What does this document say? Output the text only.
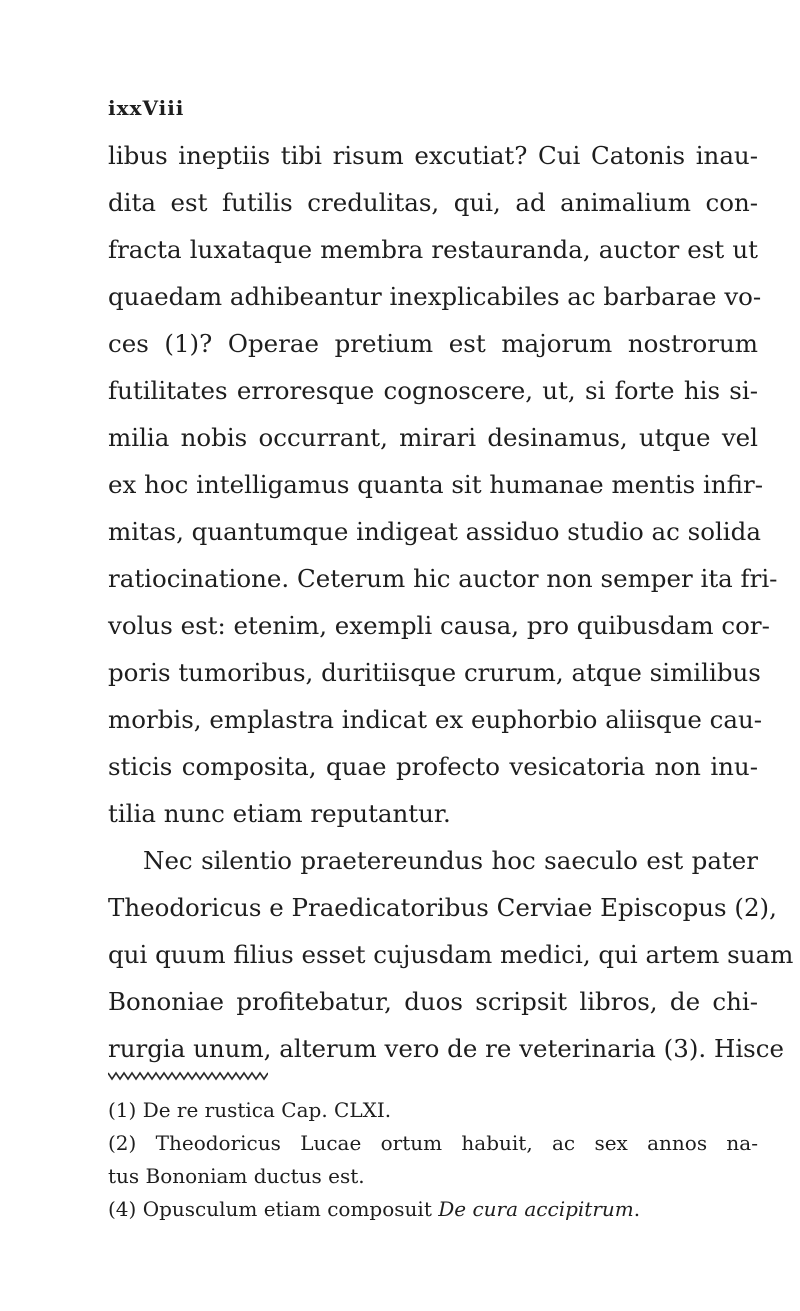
ixxViii
libus ineptiis tibi risum excutiat? Cui Catonis inau-
dita est futilis credulitas, qui, ad animalium con-
fracta luxataque membra restauranda, auctor est ut
quaedam adhibeantur inexplicabiles ac barbarae vo-
ces (1)? Operae pretium est majorum nostrorum
futilitates erroresque cognoscere, ut, si forte his si-
milia nobis occurrant, mirari desinamus, utque vel
ex hoc intelligamus quanta sit humanae mentis infir-
mitas, quantumque indigeat assiduo studio ac solida
ratiocinatione. Ceterum hic auctor non semper ita fri-
volus est: etenim, exempli causa, pro quibusdam cor-
poris tumoribus, duritiisque crurum, atque similibus
morbis, emplastra indicat ex euphorbio aliisque cau-
sticis composita, quae profecto vesicatoria non inu-
tilia nunc etiam reputantur.
Nec silentio praetereundus hoc saeculo est pater
Theodoricus e Praedicatoribus Cerviae Episcopus (2),
qui quum filius esset cujusdam medici, qui artem suam
Bononiae profitebatur, duos scripsit libros, de chi-
rurgia unum, alterum vero de re veterinaria (3). Hisce
(1) De re rustica Cap. CLXI.
(2) Theodoricus Lucae ortum habuit, ac sex annos na-
tus Bononiam ductus est.
(4) Opusculum etiam composuit De cura accipitrum.
